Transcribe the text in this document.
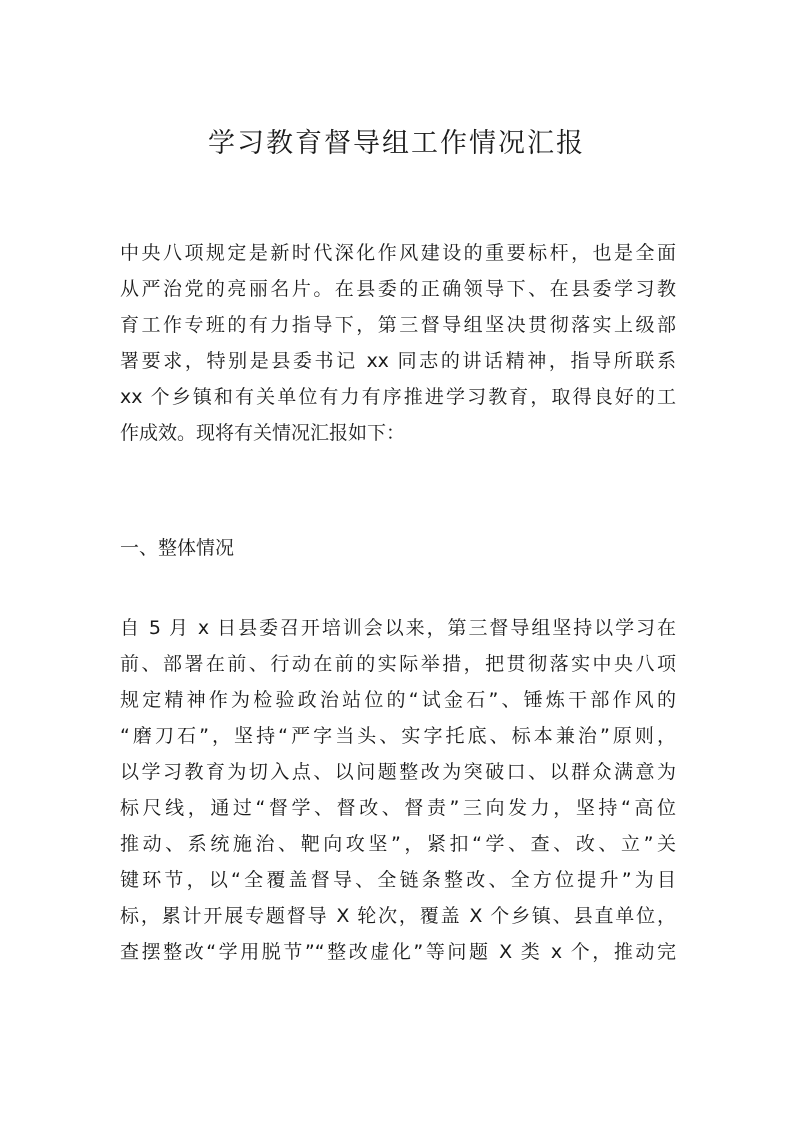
学习教育督导组工作情况汇报
中央八项规定是新时代深化作风建设的重要标杆，也是全面
从严治党的亮丽名片。在县委的正确领导下、在县委学习教
育工作专班的有力指导下，第三督导组坚决贯彻落实上级部
署要求，特别是县委书记 xx 同志的讲话精神，指导所联系
xx 个乡镇和有关单位有力有序推进学习教育，取得良好的工
作成效。现将有关情况汇报如下：
一、整体情况
自 5 月 x 日县委召开培训会以来，第三督导组坚持以学习在
前、部署在前、行动在前的实际举措，把贯彻落实中央八项
规定精神作为检验政治站位的“试金石”、锤炼干部作风的
“磨刀石”，坚持“严字当头、实字托底、标本兼治”原则，
以学习教育为切入点、以问题整改为突破口、以群众满意为
标尺线，通过“督学、督改、督责”三向发力，坚持“高位
推动、系统施治、靶向攻坚”，紧扣“学、查、改、立”关
键环节，以“全覆盖督导、全链条整改、全方位提升”为目
标，累计开展专题督导 X 轮次，覆盖 X 个乡镇、县直单位，
查摆整改“学用脱节”“整改虚化”等问题 X 类 x 个，推动完
